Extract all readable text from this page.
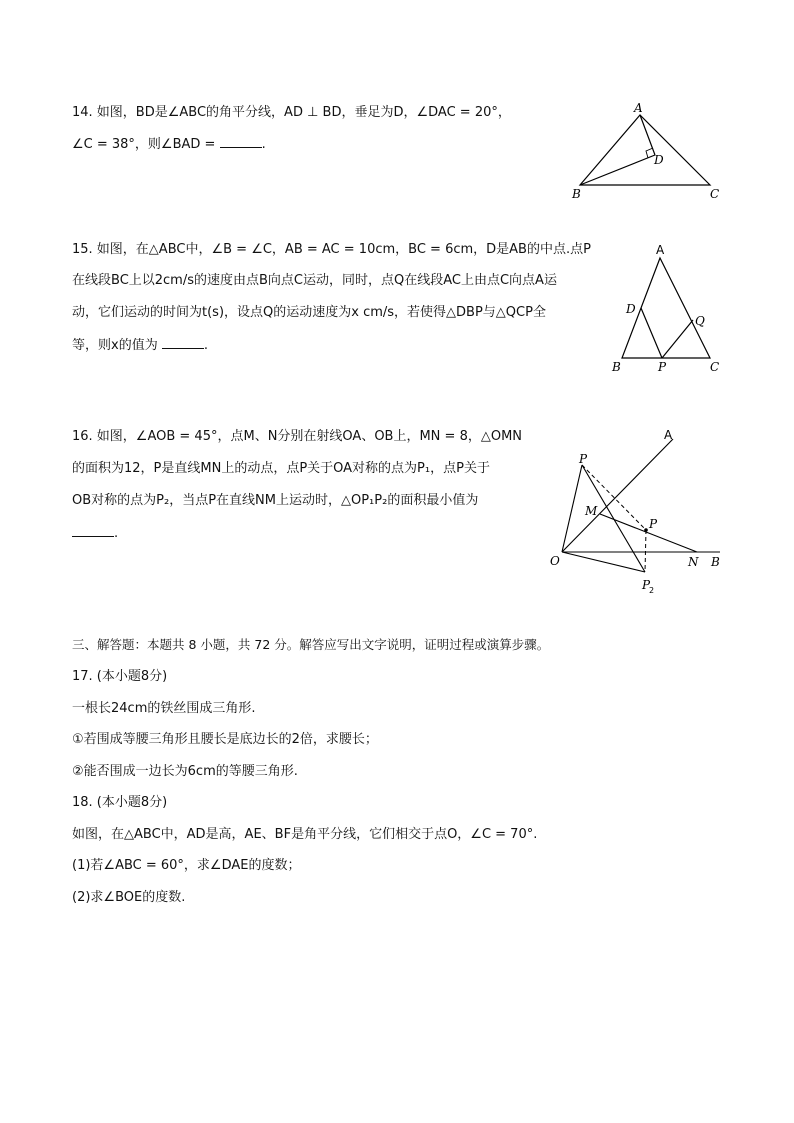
14. 如图，BD是∠ABC的角平分线，AD ⊥ BD，垂足为D，∠DAC = 20°，
∠C = 38°，则∠BAD =	.
A
B	C
D
15. 如图，在△ABC中，∠B = ∠C，AB = AC = 10cm，BC = 6cm，D是AB的中点.点P
在线段BC上以2cm/s的速度由点B向点C运动，同时，点Q在线段AC上由点C向点A运
动，它们运动的时间为t(s)，设点Q的运动速度为x cm/s，若使得△DBP与△QCP全
等，则x的值为	.
A
B	C
D
P
Q
16. 如图，∠AOB = 45°，点M、N分别在射线OA、OB上，MN = 8，△OMN
的面积为12，P是直线MN上的动点，点P关于OA对称的点为P₁，点P关于
OB对称的点为P₂，当点P在直线NM上运动时，△OP₁P₂的面积最小值为
.
A
B
O
M
N
P
P
P
2
三、解答题：本题共 8 小题，共 72 分。解答应写出文字说明，证明过程或演算步骤。
17. (本小题8分)
一根长24cm的铁丝围成三角形.
①若围成等腰三角形且腰长是底边长的2倍，求腰长；
②能否围成一边长为6cm的等腰三角形.
18. (本小题8分)
如图，在△ABC中，AD是高，AE、BF是角平分线，它们相交于点O，∠C = 70°.
(1)若∠ABC = 60°，求∠DAE的度数；
(2)求∠BOE的度数.
